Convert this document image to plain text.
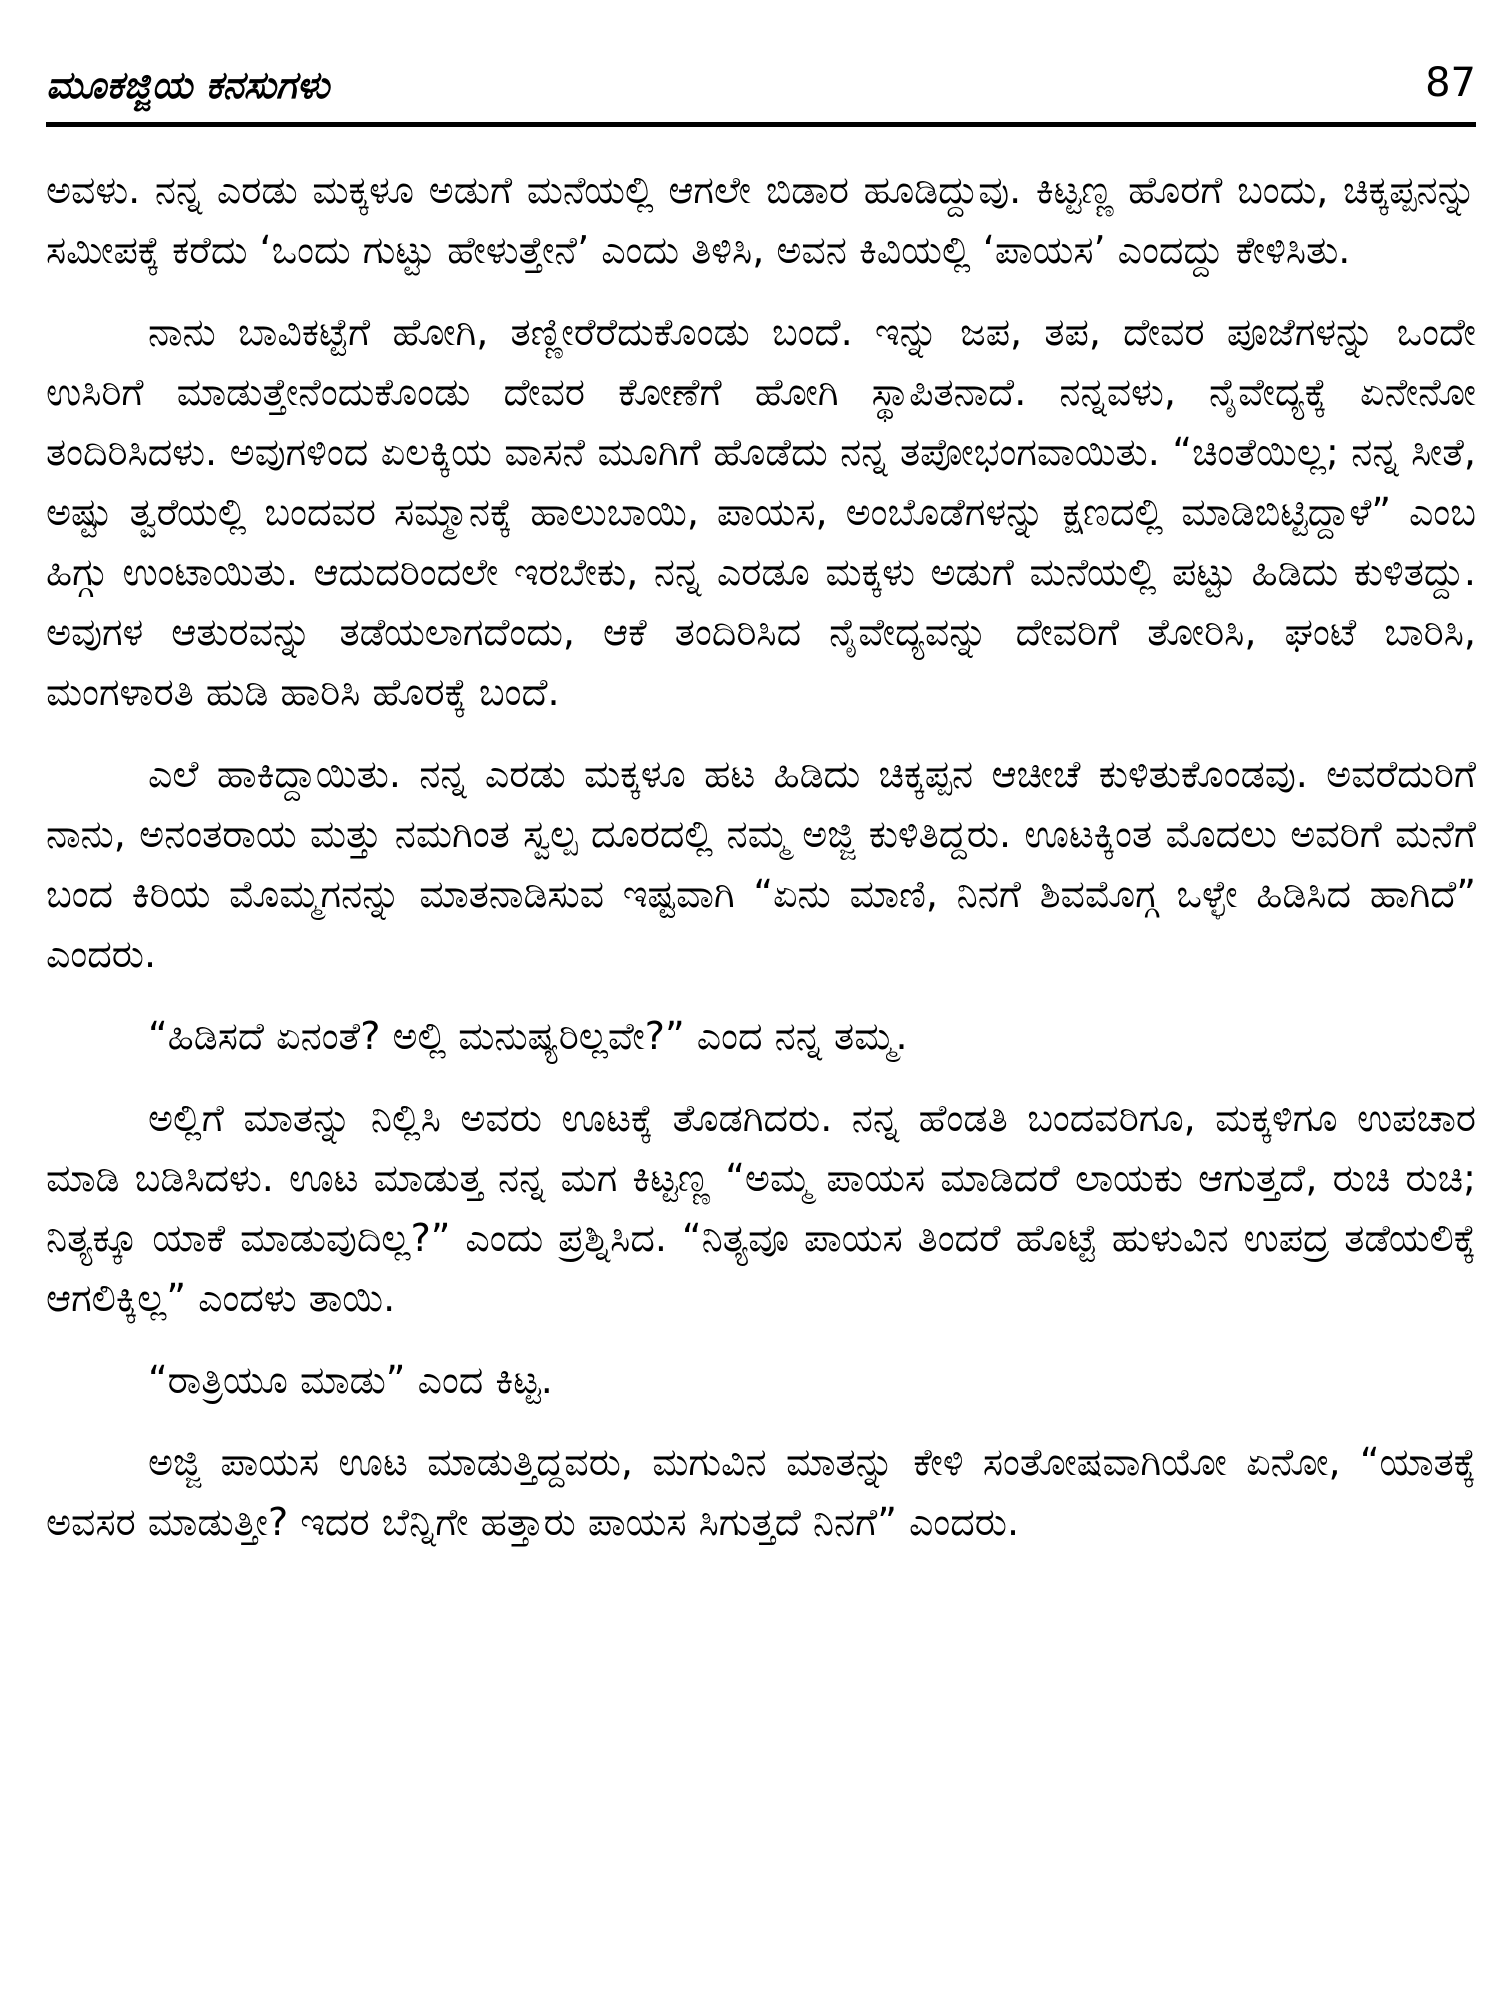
ಮೂಕಜ್ಜಿಯ ಕನಸುಗಳು	87

ಅವಳು. ನನ್ನ ಎರಡು ಮಕ್ಕಳೂ ಅಡುಗೆ ಮನೆಯಲ್ಲಿ ಆಗಲೇ ಬಿಡಾರ ಹೂಡಿದ್ದುವು. ಕಿಟ್ಟಣ್ಣ ಹೊರಗೆ ಬಂದು, ಚಿಕ್ಕಪ್ಪನನ್ನು ಸಮೀಪಕ್ಕೆ ಕರೆದು ‘ಒಂದು ಗುಟ್ಟು ಹೇಳುತ್ತೇನೆ’ ಎಂದು ತಿಳಿಸಿ, ಅವನ ಕಿವಿಯಲ್ಲಿ ‘ಪಾಯಸ’ ಎಂದದ್ದು ಕೇಳಿಸಿತು.

ನಾನು ಬಾವಿಕಟ್ಟೆಗೆ ಹೋಗಿ, ತಣ್ಣೀರೆರೆದುಕೊಂಡು ಬಂದೆ. ಇನ್ನು ಜಪ, ತಪ, ದೇವರ ಪೂಜೆಗಳನ್ನು ಒಂದೇ ಉಸಿರಿಗೆ ಮಾಡುತ್ತೇನೆಂದುಕೊಂಡು ದೇವರ ಕೋಣೆಗೆ ಹೋಗಿ ಸ್ಥಾಪಿತನಾದೆ. ನನ್ನವಳು, ನೈವೇದ್ಯಕ್ಕೆ ಏನೇನೋ ತಂದಿರಿಸಿದಳು. ಅವುಗಳಿಂದ ಏಲಕ್ಕಿಯ ವಾಸನೆ ಮೂಗಿಗೆ ಹೊಡೆದು ನನ್ನ ತಪೋಭಂಗವಾಯಿತು. “ಚಿಂತೆಯಿಲ್ಲ; ನನ್ನ ಸೀತೆ, ಅಷ್ಟು ತ್ವರೆಯಲ್ಲಿ ಬಂದವರ ಸಮ್ಮಾನಕ್ಕೆ ಹಾಲುಬಾಯಿ, ಪಾಯಸ, ಅಂಬೊಡೆಗಳನ್ನು ಕ್ಷಣದಲ್ಲಿ ಮಾಡಿಬಿಟ್ಟಿದ್ದಾಳೆ” ಎಂಬ ಹಿಗ್ಗು ಉಂಟಾಯಿತು. ಆದುದರಿಂದಲೇ ಇರಬೇಕು, ನನ್ನ ಎರಡೂ ಮಕ್ಕಳು ಅಡುಗೆ ಮನೆಯಲ್ಲಿ ಪಟ್ಟು ಹಿಡಿದು ಕುಳಿತದ್ದು. ಅವುಗಳ ಆತುರವನ್ನು ತಡೆಯಲಾಗದೆಂದು, ಆಕೆ ತಂದಿರಿಸಿದ ನೈವೇದ್ಯವನ್ನು ದೇವರಿಗೆ ತೋರಿಸಿ, ಘಂಟೆ ಬಾರಿಸಿ, ಮಂಗಳಾರತಿ ಹುಡಿ ಹಾರಿಸಿ ಹೊರಕ್ಕೆ ಬಂದೆ.

ಎಲೆ ಹಾಕಿದ್ದಾಯಿತು. ನನ್ನ ಎರಡು ಮಕ್ಕಳೂ ಹಟ ಹಿಡಿದು ಚಿಕ್ಕಪ್ಪನ ಆಚೀಚೆ ಕುಳಿತುಕೊಂಡವು. ಅವರೆದುರಿಗೆ ನಾನು, ಅನಂತರಾಯ ಮತ್ತು ನಮಗಿಂತ ಸ್ವಲ್ಪ ದೂರದಲ್ಲಿ ನಮ್ಮ ಅಜ್ಜಿ ಕುಳಿತಿದ್ದರು. ಊಟಕ್ಕಿಂತ ಮೊದಲು ಅವರಿಗೆ ಮನೆಗೆ ಬಂದ ಕಿರಿಯ ಮೊಮ್ಮಗನನ್ನು ಮಾತನಾಡಿಸುವ ಇಷ್ಟವಾಗಿ “ಏನು ಮಾಣಿ, ನಿನಗೆ ಶಿವಮೊಗ್ಗ ಒಳ್ಳೇ ಹಿಡಿಸಿದ ಹಾಗಿದೆ” ಎಂದರು.

“ಹಿಡಿಸದೆ ಏನಂತೆ? ಅಲ್ಲಿ ಮನುಷ್ಯರಿಲ್ಲವೇ?” ಎಂದ ನನ್ನ ತಮ್ಮ.

ಅಲ್ಲಿಗೆ ಮಾತನ್ನು ನಿಲ್ಲಿಸಿ ಅವರು ಊಟಕ್ಕೆ ತೊಡಗಿದರು. ನನ್ನ ಹೆಂಡತಿ ಬಂದವರಿಗೂ, ಮಕ್ಕಳಿಗೂ ಉಪಚಾರ ಮಾಡಿ ಬಡಿಸಿದಳು. ಊಟ ಮಾಡುತ್ತ ನನ್ನ ಮಗ ಕಿಟ್ಟಣ್ಣ “ಅಮ್ಮ ಪಾಯಸ ಮಾಡಿದರೆ ಲಾಯಕು ಆಗುತ್ತದೆ, ರುಚಿ ರುಚಿ; ನಿತ್ಯಕ್ಕೂ ಯಾಕೆ ಮಾಡುವುದಿಲ್ಲ?” ಎಂದು ಪ್ರಶ್ನಿಸಿದ. “ನಿತ್ಯವೂ ಪಾಯಸ ತಿಂದರೆ ಹೊಟ್ಟೆ ಹುಳುವಿನ ಉಪದ್ರ ತಡೆಯಲಿಕ್ಕೆ ಆಗಲಿಕ್ಕಿಲ್ಲ” ಎಂದಳು ತಾಯಿ.

“ರಾತ್ರಿಯೂ ಮಾಡು” ಎಂದ ಕಿಟ್ಟ.

ಅಜ್ಜಿ ಪಾಯಸ ಊಟ ಮಾಡುತ್ತಿದ್ದವರು, ಮಗುವಿನ ಮಾತನ್ನು ಕೇಳಿ ಸಂತೋಷವಾಗಿಯೋ ಏನೋ, “ಯಾತಕ್ಕೆ ಅವಸರ ಮಾಡುತ್ತೀ? ಇದರ ಬೆನ್ನಿಗೇ ಹತ್ತಾರು ಪಾಯಸ ಸಿಗುತ್ತದೆ ನಿನಗೆ” ಎಂದರು.
